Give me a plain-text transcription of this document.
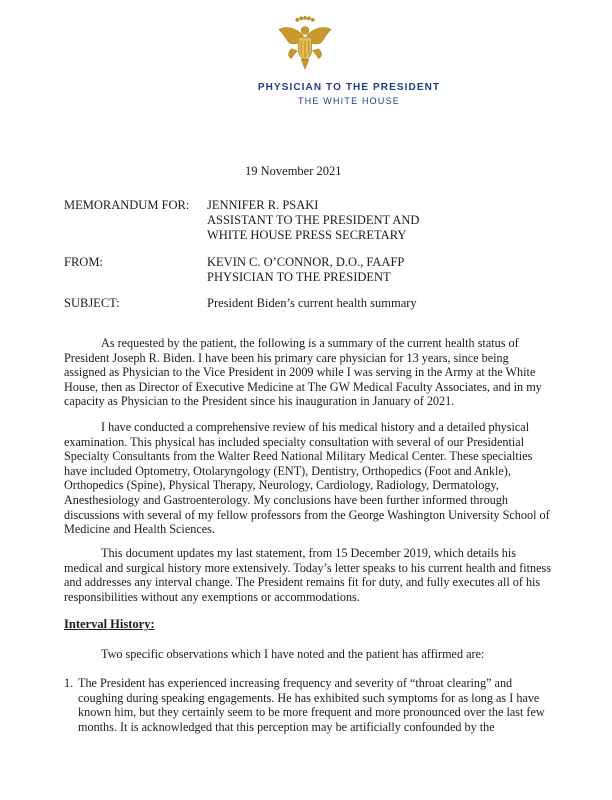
PHYSICIAN TO THE PRESIDENT
THE WHITE HOUSE
19 November 2021
MEMORANDUM FOR: JENNIFER R. PSAKI
ASSISTANT TO THE PRESIDENT AND
WHITE HOUSE PRESS SECRETARY
FROM:	KEVIN C. O’CONNOR, D.O., FAAFP
PHYSICIAN TO THE PRESIDENT
SUBJECT:	President Biden’s current health summary
As requested by the patient, the following is a summary of the current health status of President Joseph R. Biden. I have been his primary care physician for 13 years, since being assigned as Physician to the Vice President in 2009 while I was serving in the Army at the White House, then as Director of Executive Medicine at The GW Medical Faculty Associates, and in my capacity as Physician to the President since his inauguration in January of 2021.
I have conducted a comprehensive review of his medical history and a detailed physical examination. This physical has included specialty consultation with several of our Presidential Specialty Consultants from the Walter Reed National Military Medical Center. These specialties have included Optometry, Otolaryngology (ENT), Dentistry, Orthopedics (Foot and Ankle), Orthopedics (Spine), Physical Therapy, Neurology, Cardiology, Radiology, Dermatology, Anesthesiology and Gastroenterology. My conclusions have been further informed through discussions with several of my fellow professors from the George Washington University School of Medicine and Health Sciences.
This document updates my last statement, from 15 December 2019, which details his medical and surgical history more extensively. Today’s letter speaks to his current health and fitness and addresses any interval change. The President remains fit for duty, and fully executes all of his responsibilities without any exemptions or accommodations.
Interval History:
Two specific observations which I have noted and the patient has affirmed are:
1. The President has experienced increasing frequency and severity of “throat clearing” and coughing during speaking engagements. He has exhibited such symptoms for as long as I have known him, but they certainly seem to be more frequent and more pronounced over the last few months. It is acknowledged that this perception may be artificially confounded by the
